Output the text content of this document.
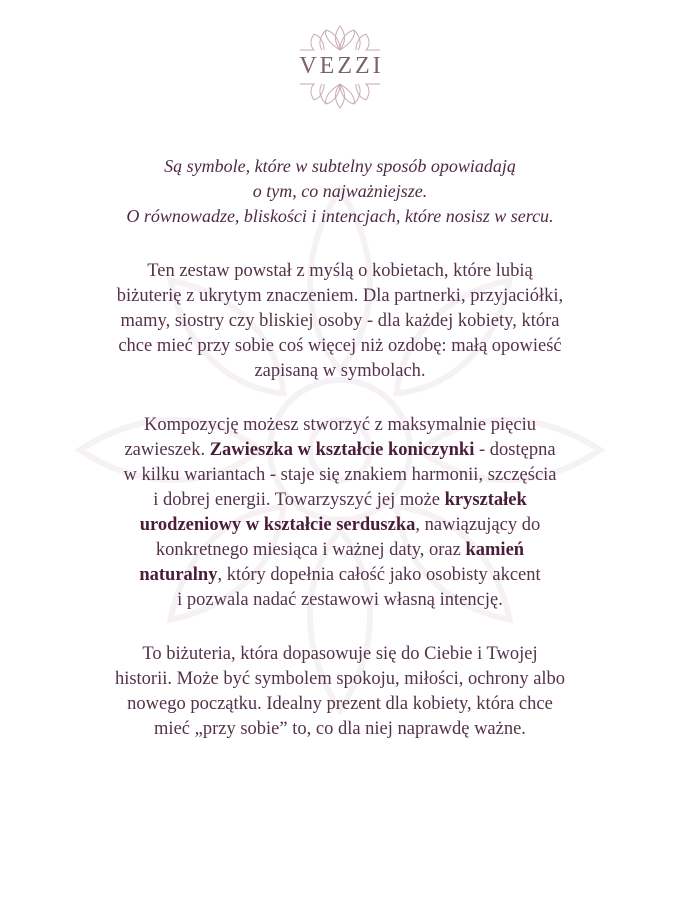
VEZZI

Są symbole, które w subtelny sposób opowiadają
o tym, co najważniejsze.
O równowadze, bliskości i intencjach, które nosisz w sercu.

Ten zestaw powstał z myślą o kobietach, które lubią
biżuterię z ukrytym znaczeniem. Dla partnerki, przyjaciółki,
mamy, siostry czy bliskiej osoby - dla każdej kobiety, która
chce mieć przy sobie coś więcej niż ozdobę: małą opowieść
zapisaną w symbolach.

Kompozycję możesz stworzyć z maksymalnie pięciu
zawieszek. Zawieszka w kształcie koniczynki - dostępna
w kilku wariantach - staje się znakiem harmonii, szczęścia
i dobrej energii. Towarzyszyć jej może kryształek
urodzeniowy w kształcie serduszka, nawiązujący do
konkretnego miesiąca i ważnej daty, oraz kamień
naturalny, który dopełnia całość jako osobisty akcent
i pozwala nadać zestawowi własną intencję.

To biżuteria, która dopasowuje się do Ciebie i Twojej
historii. Może być symbolem spokoju, miłości, ochrony albo
nowego początku. Idealny prezent dla kobiety, która chce
mieć „przy sobie” to, co dla niej naprawdę ważne.
